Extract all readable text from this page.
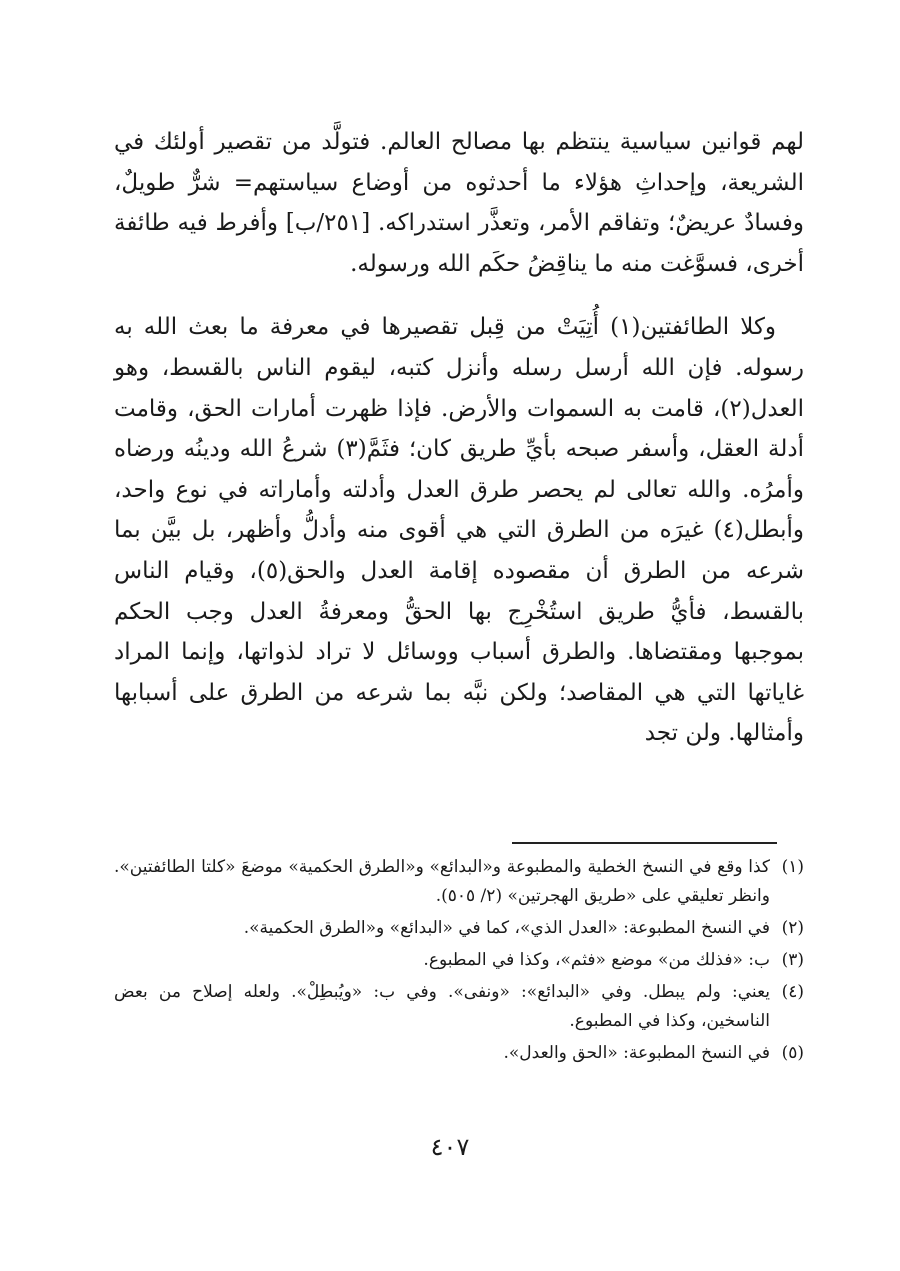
لهم قوانين سياسية ينتظم بها مصالح العالم. فتولَّد من تقصير أولئك في الشريعة، وإحداثِ هؤلاء ما أحدثوه من أوضاع سياستهم= شرٌّ طويلٌ، وفسادٌ عريضٌ؛ وتفاقم الأمر، وتعذَّر استدراكه. [٢٥١/ب] وأفرط فيه طائفة أخرى، فسوَّغت منه ما يناقِضُ حكَم الله ورسوله.

وكلا الطائفتين(١) أُتِيَتْ من قِبل تقصيرها في معرفة ما بعث الله به رسوله. فإن الله أرسل رسله وأنزل كتبه، ليقوم الناس بالقسط، وهو العدل(٢)، قامت به السموات والأرض. فإذا ظهرت أمارات الحق، وقامت أدلة العقل، وأسفر صبحه بأيِّ طريق كان؛ فثَمَّ(٣) شرعُ الله ودينُه ورضاه وأمرُه. والله تعالى لم يحصر طرق العدل وأدلته وأماراته في نوع واحد، وأبطل(٤) غيرَه من الطرق التي هي أقوى منه وأدلُّ وأظهر، بل بيَّن بما شرعه من الطرق أن مقصوده إقامة العدل والحق(٥)، وقيام الناس بالقسط، فأيُّ طريق استُخْرِج بها الحقُّ ومعرفةُ العدل وجب الحكم بموجبها ومقتضاها. والطرق أسباب ووسائل لا تراد لذواتها، وإنما المراد غاياتها التي هي المقاصد؛ ولكن نبَّه بما شرعه من الطرق على أسبابها وأمثالها. ولن تجد

(١)
كذا وقع في النسخ الخطية والمطبوعة و«البدائع» و«الطرق الحكمية» موضعَ «كلتا الطائفتين». وانظر تعليقي على «طريق الهجرتين» (٢/ ٥٠٥).
(٢)
في النسخ المطبوعة: «العدل الذي»، كما في «البدائع» و«الطرق الحكمية».
(٣)
ب: «فذلك من» موضع «فثم»، وكذا في المطبوع.
(٤)
يعني: ولم يبطل. وفي «البدائع»: «ونفى». وفي ب: «ويُبطِلْ». ولعله إصلاح من بعض الناسخين، وكذا في المطبوع.
(٥)
في النسخ المطبوعة: «الحق والعدل».
٤٠٧
